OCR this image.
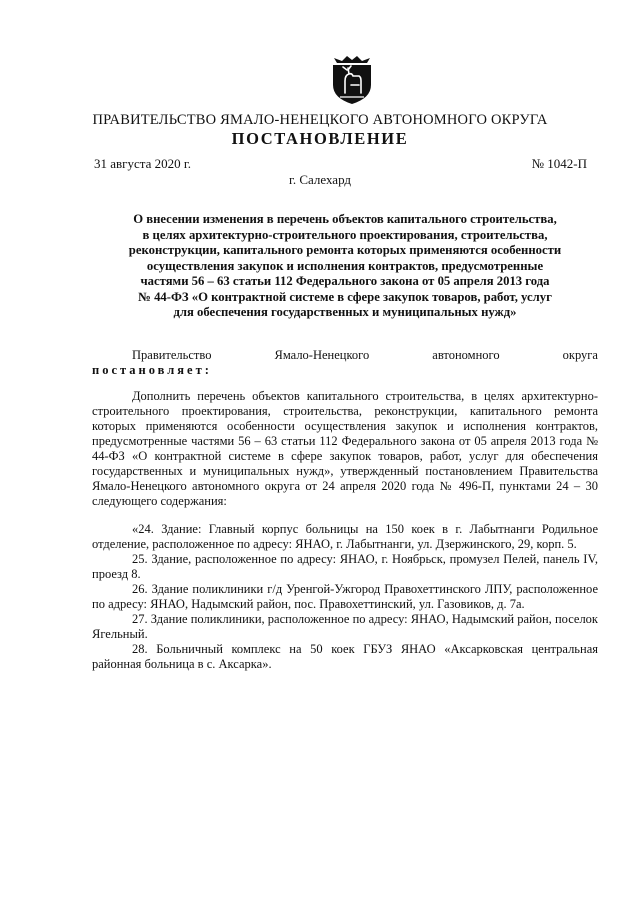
ПРАВИТЕЛЬСТВО ЯМАЛО-НЕНЕЦКОГО АВТОНОМНОГО ОКРУГА
ПОСТАНОВЛЕНИЕ
31 августа 2020 г.	№ 1042-П
г. Салехард
О внесении изменения в перечень объектов капитального строительства,
в целях архитектурно-строительного проектирования, строительства,
реконструкции, капитального ремонта которых применяются особенности
осуществления закупок и исполнения контрактов, предусмотренные
частями 56 – 63 статьи 112 Федерального закона от 05 апреля 2013 года
№ 44-ФЗ «О контрактной системе в сфере закупок товаров, работ, услуг
для обеспечения государственных и муниципальных нужд»
Правительство	Ямало-Ненецкого	автономного	округа
постановляет:
Дополнить перечень объектов капитального строительства, в целях архитектурно-строительного проектирования, строительства, реконструкции, капитального ремонта которых применяются особенности осуществления закупок и исполнения контрактов, предусмотренные частями 56 – 63 статьи 112 Федерального закона от 05 апреля 2013 года № 44-ФЗ «О контрактной системе в сфере закупок товаров, работ, услуг для обеспечения государственных и муниципальных нужд», утвержденный постановлением Правительства Ямало-Ненецкого автономного округа от 24 апреля 2020 года № 496-П, пунктами 24 – 30 следующего содержания:

«24. Здание: Главный корпус больницы на 150 коек в г. Лабытнанги Родильное отделение, расположенное по адресу: ЯНАО, г. Лабытнанги, ул. Дзержинского, 29, корп. 5.

25. Здание, расположенное по адресу: ЯНАО, г. Ноябрьск, промузел Пелей, панель IV, проезд 8.

26. Здание поликлиники г/д Уренгой-Ужгород Правохеттинского ЛПУ, расположенное по адресу: ЯНАО, Надымский район, пос. Правохеттинский, ул. Газовиков, д. 7а.

27. Здание поликлиники, расположенное по адресу: ЯНАО, Надымский район, поселок Ягельный.

28. Больничный комплекс на 50 коек ГБУЗ ЯНАО «Аксарковская центральная районная больница в с. Аксарка».
